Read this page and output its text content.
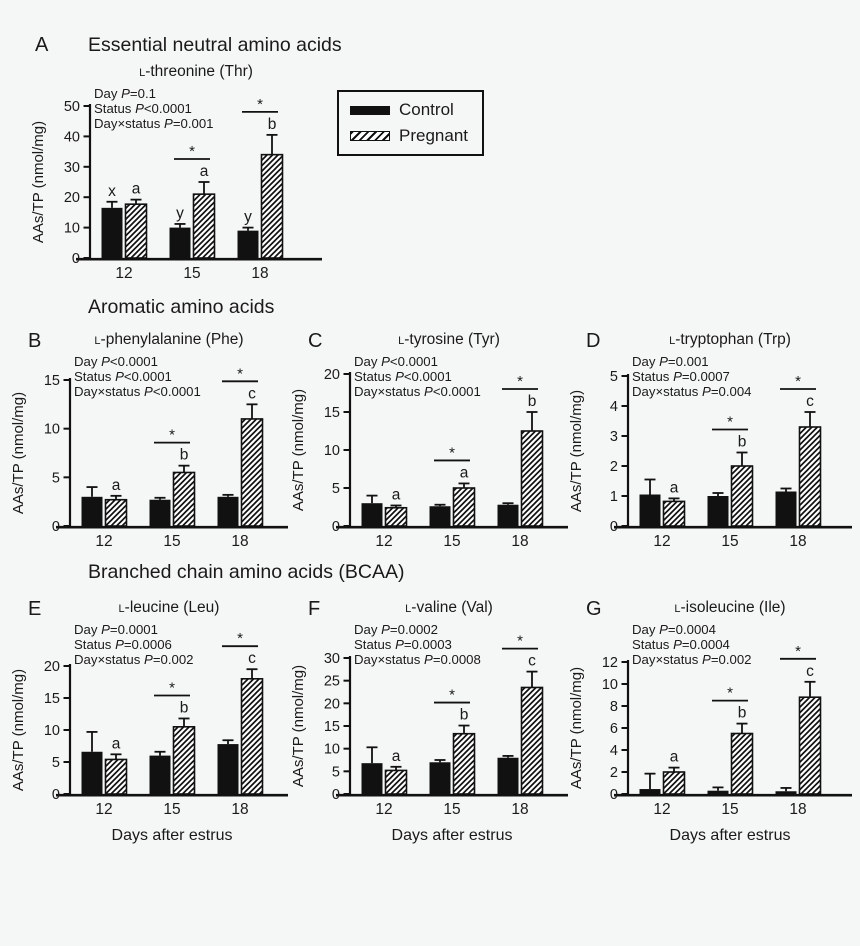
A Essential neutral amino acids
Aromatic amino acids
Branched chain amino acids (BCAA)
Control
Pregnant
L-threonine (Thr)
0
10
20
30
40
50
AAs/TP (nmol/mg)
Day P=0.1
Status P<0.0001
Day×status P=0.001
12
x a
15
y
a
*
18
y
b
*
B	L-phenylalanine (Phe)
0
5
10
15
AAs/TP (nmol/mg)
Day P<0.0001
Status P<0.0001
Day×status P<0.0001
12
a
15
b
*
18
c
*
C	L-tyrosine (Tyr)
0
5
10
15
20
AAs/TP (nmol/mg)
Day P<0.0001
Status P<0.0001
Day×status P<0.0001
12
a
15
a
*
18
b
*
D	L-tryptophan (Trp)
0
1
2
3
4
5
AAs/TP (nmol/mg)
Day P=0.001
Status P=0.0007
Day×status P=0.004
12
a
15
b
*
18
c
*
E	L-leucine (Leu)
0
5
10
15
20
AAs/TP (nmol/mg)
Day P=0.0001
Status P=0.0006
Day×status P=0.002
12
a
15
b
*
18
c
*
Days after estrus
F	L-valine (Val)
0
5
10
15
20
25
30
AAs/TP (nmol/mg)
Day P=0.0002
Status P=0.0003
Day×status P=0.0008
12
a
15
b
*
18
c
*
Days after estrus
G	L-isoleucine (Ile)
0
2
4
6
8
10
12
AAs/TP (nmol/mg)
Day P=0.0004
Status P=0.0004
Day×status P=0.002
12
a
15
b
*
18
c
*
Days after estrus
